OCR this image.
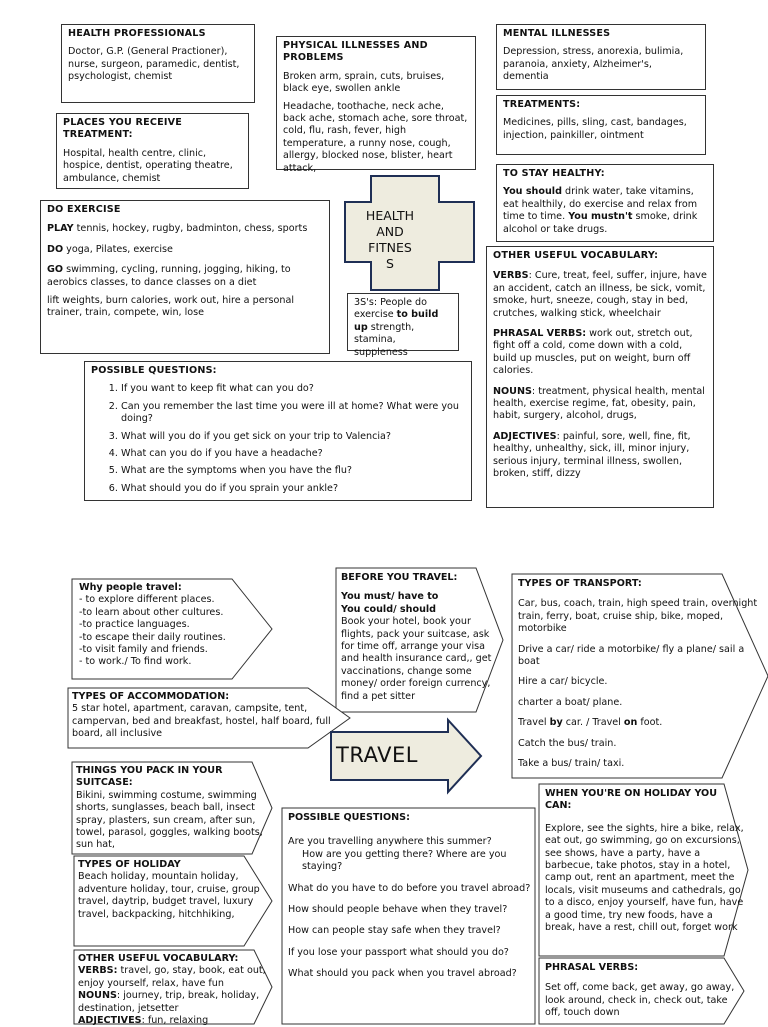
HEALTH PROFESSIONALS

Doctor, G.P. (General Practioner), nurse, surgeon, paramedic, dentist, psychologist, chemist

PLACES YOU RECEIVE TREATMENT:

Hospital, health centre, clinic, hospice, dentist, operating theatre, ambulance, chemist

PHYSICAL ILLNESSES AND PROBLEMS

Broken arm, sprain, cuts, bruises, black eye, swollen ankle

Headache, toothache, neck ache, back ache, stomach ache, sore throat, cold, flu, rash, fever, high temperature, a runny nose, cough, allergy, blocked nose, blister, heart attack,

MENTAL ILLNESSES

Depression, stress, anorexia, bulimia, paranoia, anxiety, Alzheimer's, dementia

TREATMENTS:

Medicines, pills, sling, cast, bandages, injection, painkiller, ointment

TO STAY HEALTHY:

You should drink water, take vitamins, eat healthily, do exercise and relax from time to time. You mustn't smoke, drink alcohol or take drugs.

DO EXERCISE

PLAY tennis, hockey, rugby, badminton, chess, sports

DO yoga, Pilates, exercise

GO swimming, cycling, running, jogging, hiking, to aerobics classes, to dance classes on a diet

lift weights, burn calories, work out, hire a personal trainer, train, compete, win, lose

HEALTH
AND
FITNES
S

3S's: People do exercise to build up strength, stamina, suppleness

OTHER USEFUL VOCABULARY:

VERBS: Cure, treat, feel, suffer, injure, have an accident, catch an illness, be sick, vomit, smoke, hurt, sneeze, cough, stay in bed, crutches, walking stick, wheelchair

PHRASAL VERBS: work out, stretch out, fight off a cold, come down with a cold, build up muscles, put on weight, burn off calories.

NOUNS: treatment, physical health, mental health, exercise regime, fat, obesity, pain, habit, surgery, alcohol, drugs,

ADJECTIVES: painful, sore, well, fine, fit, healthy, unhealthy, sick, ill, minor injury, serious injury, terminal illness, swollen, broken, stiff, dizzy

POSSIBLE QUESTIONS:
1. If you want to keep fit what can you do?
2. Can you remember the last time you were ill at home? What were you doing?
3. What will you do if you get sick on your trip to Valencia?
4. What can you do if you have a headache?
5. What are the symptoms when you have the flu?
6. What should you do if you sprain your ankle?
Why people travel:
- to explore different places.
-to learn about other cultures.
-to practice languages.
-to escape their daily routines.
-to visit family and friends.
- to work./ To find work.
BEFORE YOU TRAVEL:
You must/ have to
You could/ should
Book your hotel, book your flights, pack your suitcase, ask for time off, arrange your visa and health insurance card,, get vaccinations, change some money/ order foreign currency, find a pet sitter
TYPES OF TRANSPORT:

Car, bus, coach, train, high speed train, overnight train, ferry, boat, cruise ship, bike, moped, motorbike

Drive a car/ ride a motorbike/ fly a plane/ sail a boat

Hire a car/ bicycle.

charter a boat/ plane.

Travel by car. / Travel on foot.

Catch the bus/ train.

Take a bus/ train/ taxi.

TYPES OF ACCOMMODATION:
5 star hotel, apartment, caravan, campsite, tent, campervan, bed and breakfast, hostel, half board, full board, all inclusive
TRAVEL
THINGS YOU PACK IN YOUR SUITCASE:
Bikini, swimming costume, swimming shorts, sunglasses, beach ball, insect spray, plasters, sun cream, after sun, towel, parasol, goggles, walking boots, sun hat,
TYPES OF HOLIDAY
Beach holiday, mountain holiday, adventure holiday, tour, cruise, group travel, daytrip, budget travel, luxury travel, backpacking, hitchhiking,
OTHER USEFUL VOCABULARY:
VERBS: travel, go, stay, book, eat out, enjoy yourself, relax, have fun
NOUNS: journey, trip, break, holiday, destination, jetsetter
ADJECTIVES: fun, relaxing
POSSIBLE QUESTIONS:
Are you travelling anywhere this summer?
How are you getting there? Where are you staying?
What do you have to do before you travel abroad?
How should people behave when they travel?
How can people stay safe when they travel?
If you lose your passport what should you do?
What should you pack when you travel abroad?
WHEN YOU'RE ON HOLIDAY YOU CAN:
Explore, see the sights, hire a bike, relax, eat out, go swimming, go on excursions, see shows, have a party, have a barbecue, take photos, stay in a hotel, camp out, rent an apartment, meet the locals, visit museums and cathedrals, go to a disco, enjoy yourself, have fun, have a good time, try new foods, have a break, have a rest, chill out, forget work
PHRASAL VERBS:
Set off, come back, get away, go away, look around, check in, check out, take off, touch down
